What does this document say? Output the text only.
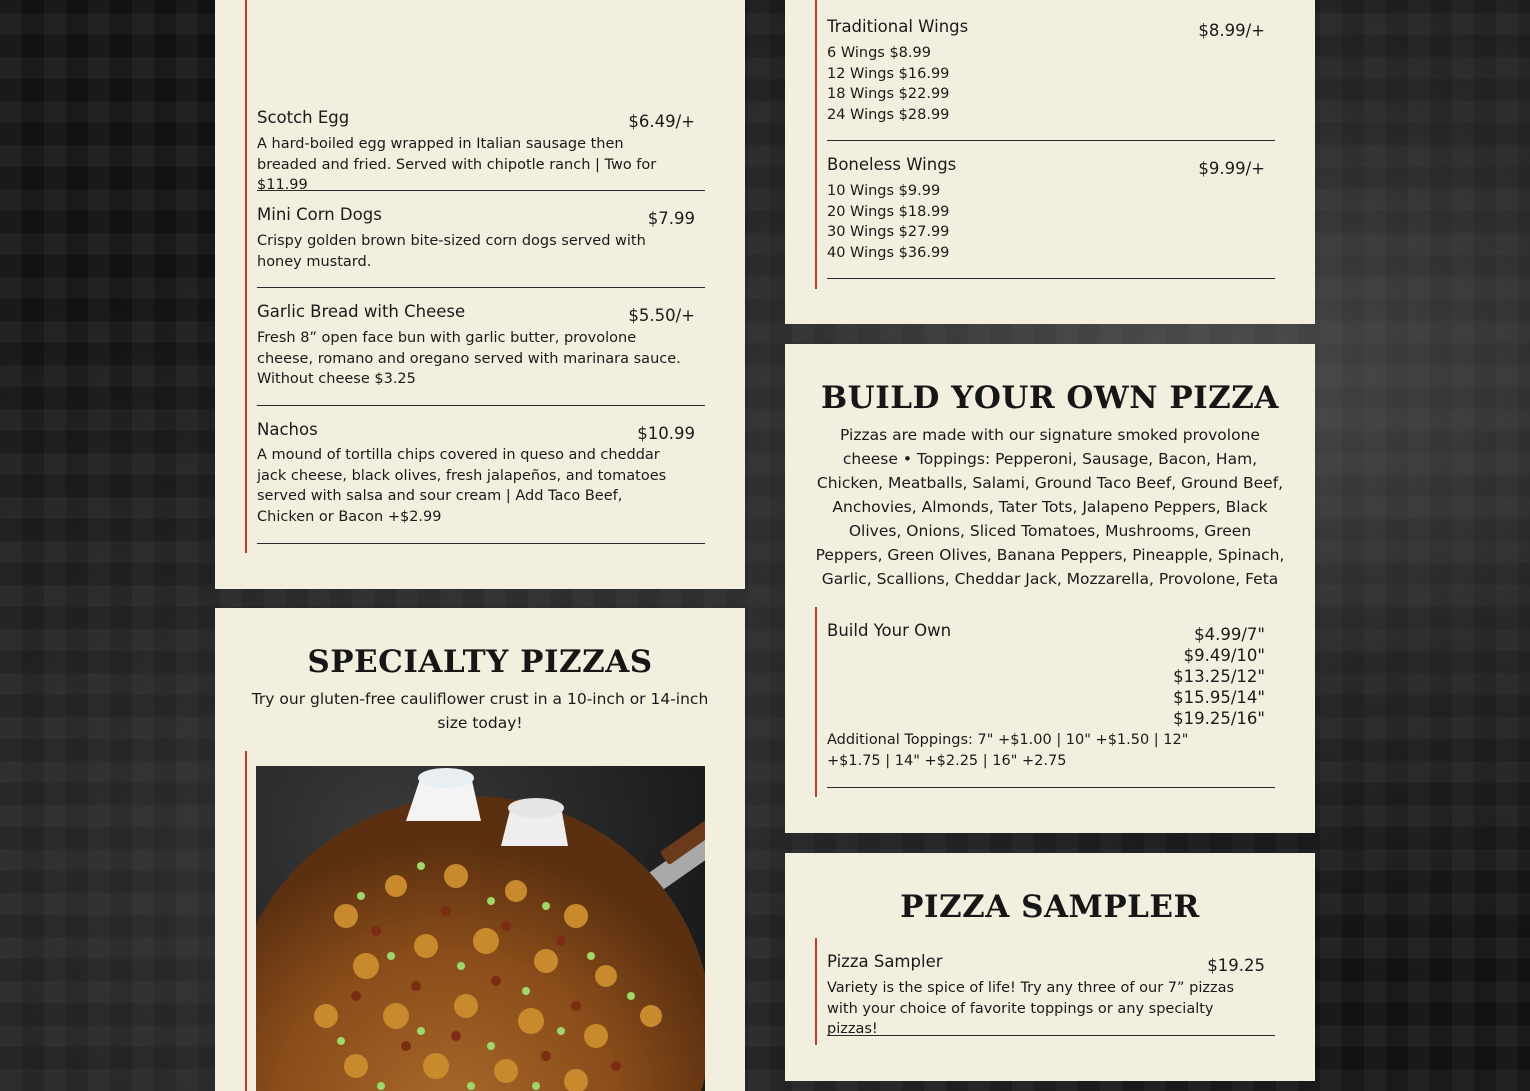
Scotch Egg	$6.49/+
A hard-boiled egg wrapped in Italian sausage then breaded and fried. Served with chipotle ranch | Two for $11.99
Mini Corn Dogs	$7.99
Crispy golden brown bite-sized corn dogs served with honey mustard.
Garlic Bread with Cheese	$5.50/+
Fresh 8” open face bun with garlic butter, provolone cheese, romano and oregano served with marinara sauce. Without cheese $3.25
Nachos	$10.99
A mound of tortilla chips covered in queso and cheddar jack cheese, black olives, fresh jalapeños, and tomatoes served with salsa and sour cream | Add Taco Beef, Chicken or Bacon +$2.99
SPECIALTY PIZZAS
Try our gluten-free cauliflower crust in a 10-inch or 14-inch size today!
Traditional Wings	$8.99/+
6 Wings $8.99
12 Wings $16.99
18 Wings $22.99
24 Wings $28.99
Boneless Wings	$9.99/+
10 Wings $9.99
20 Wings $18.99
30 Wings $27.99
40 Wings $36.99
BUILD YOUR OWN PIZZA
Pizzas are made with our signature smoked provolone cheese • Toppings: Pepperoni, Sausage, Bacon, Ham, Chicken, Meatballs, Salami, Ground Taco Beef, Ground Beef, Anchovies, Almonds, Tater Tots, Jalapeno Peppers, Black Olives, Onions, Sliced Tomatoes, Mushrooms, Green Peppers, Green Olives, Banana Peppers, Pineapple, Spinach, Garlic, Scallions, Cheddar Jack, Mozzarella, Provolone, Feta
Build Your Own	$4.99/7"
$9.49/10"
$13.25/12"
$15.95/14"
$19.25/16"
Additional Toppings: 7" +$1.00 | 10" +$1.50 | 12" +$1.75 | 14" +$2.25 | 16" +2.75
PIZZA SAMPLER
Pizza Sampler	$19.25
Variety is the spice of life! Try any three of our 7” pizzas with your choice of favorite toppings or any specialty pizzas!
